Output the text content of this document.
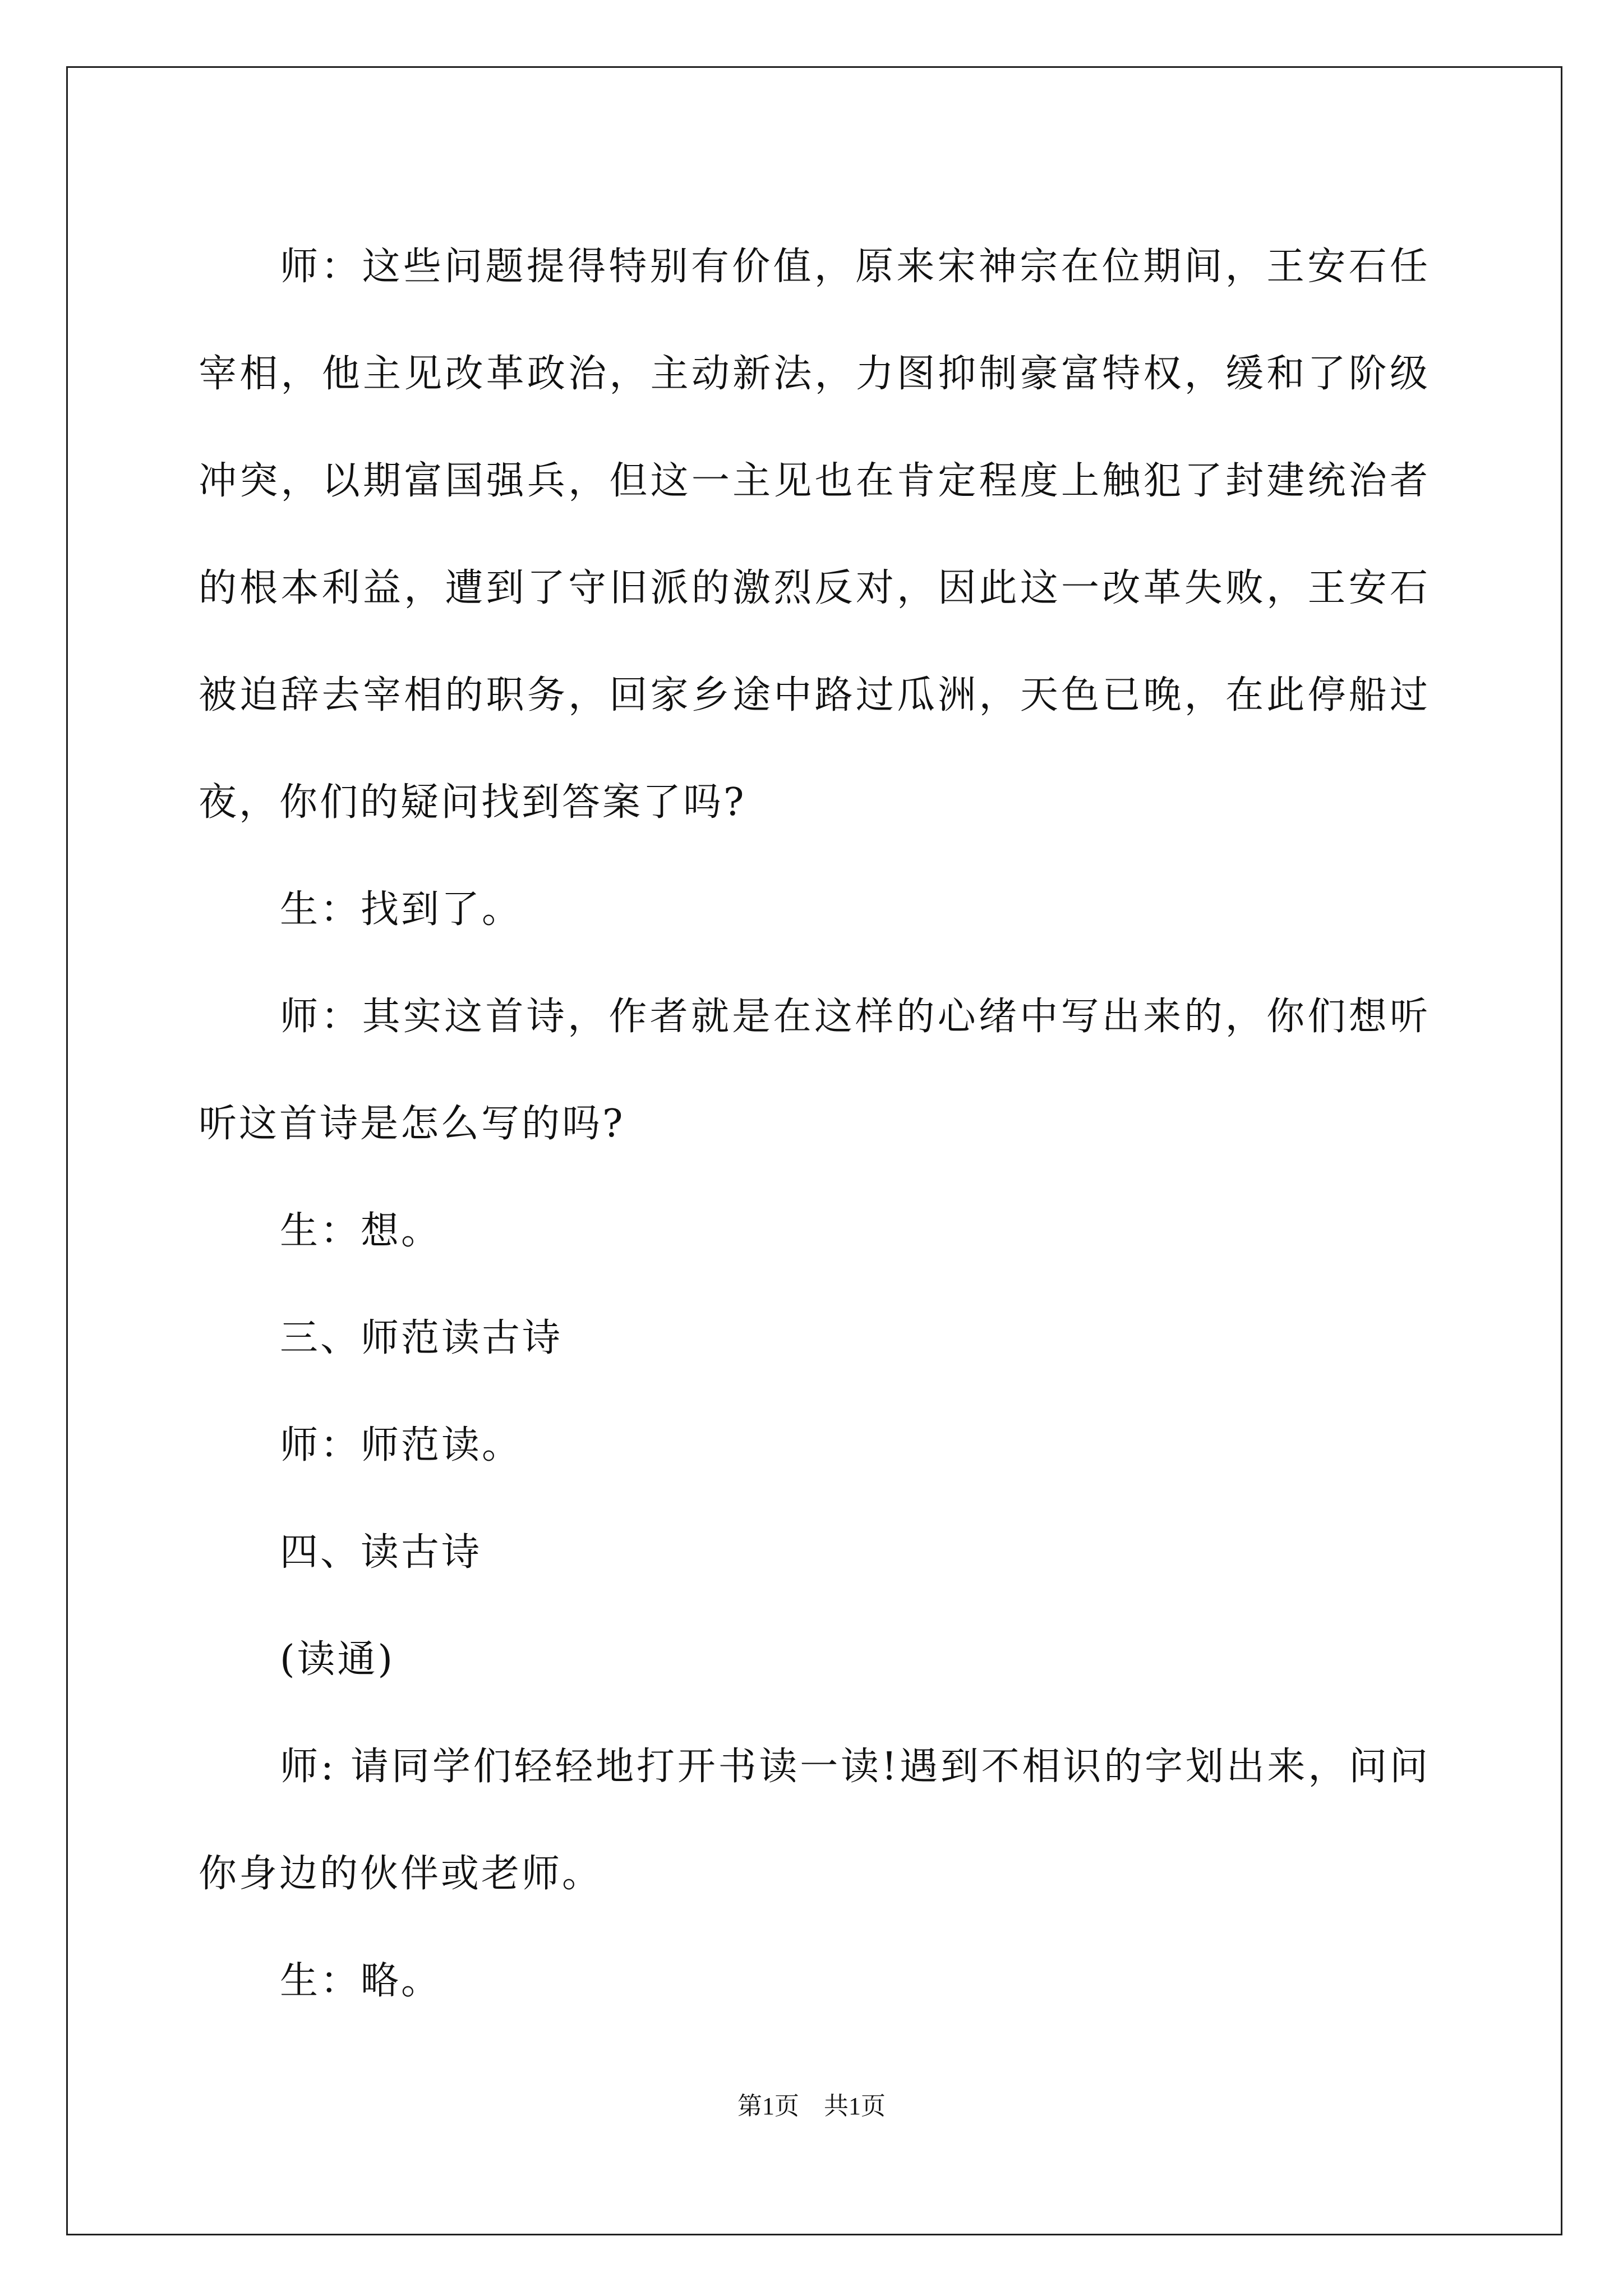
师：这些问题提得特别有价值，原来宋神宗在位期间，王安石任宰相，他主见改革政治，主动新法，力图抑制豪富特权，缓和了阶级冲突，以期富国强兵，但这一主见也在肯定程度上触犯了封建统治者的根本利益，遭到了守旧派的激烈反对，因此这一改革失败，王安石被迫辞去宰相的职务，回家乡途中路过瓜洲，天色已晚，在此停船过夜，你们的疑问找到答案了吗?

生：找到了。

师：其实这首诗，作者就是在这样的心绪中写出来的，你们想听听这首诗是怎么写的吗?

生：想。

三、师范读古诗

师：师范读。

四、读古诗

(读通)

师: 请同学们轻轻地打开书读一读!遇到不相识的字划出来，问问你身边的伙伴或老师。

生：略。

第1页　共1页
